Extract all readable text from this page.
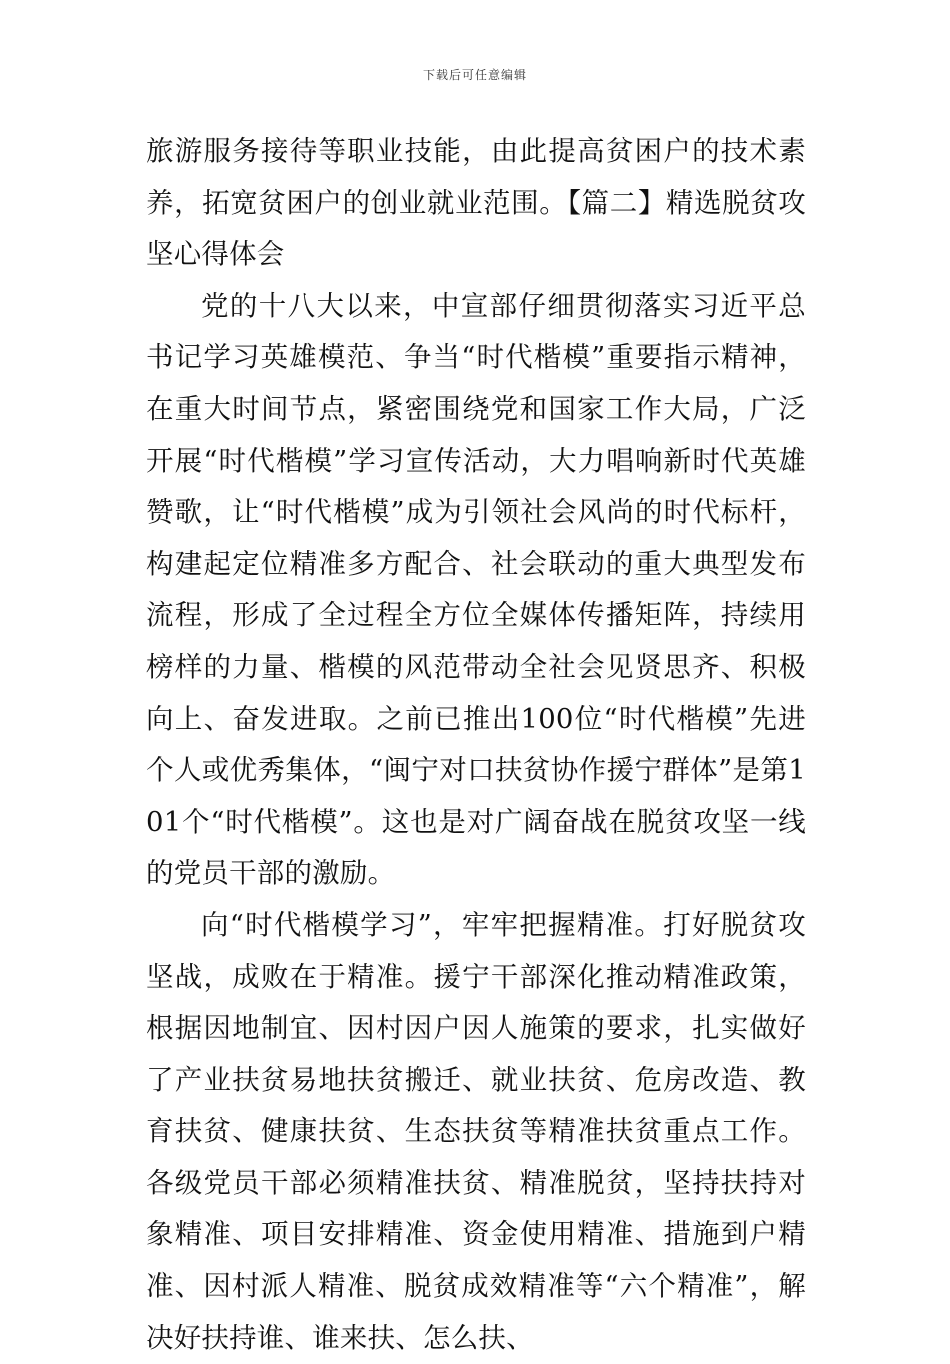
下载后可任意编辑

旅游服务接待等职业技能，由此提高贫困户的技术素养，拓宽贫困户的创业就业范围。【篇二】精选脱贫攻坚心得体会

党的十八大以来，中宣部仔细贯彻落实习近平总书记学习英雄模范、争当“时代楷模”重要指示精神，在重大时间节点，紧密围绕党和国家工作大局，广泛开展“时代楷模”学习宣传活动，大力唱响新时代英雄赞歌，让“时代楷模”成为引领社会风尚的时代标杆，构建起定位精准多方配合、社会联动的重大典型发布流程，形成了全过程全方位全媒体传播矩阵，持续用榜样的力量、楷模的风范带动全社会见贤思齐、积极向上、奋发进取。之前已推出100位“时代楷模”先进个人或优秀集体，“闽宁对口扶贫协作援宁群体”是第101个“时代楷模”。这也是对广阔奋战在脱贫攻坚一线的党员干部的激励。

向“时代楷模学习”，牢牢把握精准。打好脱贫攻坚战，成败在于精准。援宁干部深化推动精准政策，根据因地制宜、因村因户因人施策的要求，扎实做好了产业扶贫易地扶贫搬迁、就业扶贫、危房改造、教育扶贫、健康扶贫、生态扶贫等精准扶贫重点工作。各级党员干部必须精准扶贫、精准脱贫，坚持扶持对象精准、项目安排精准、资金使用精准、措施到户精准、因村派人精准、脱贫成效精准等“六个精准”，解决好扶持谁、谁来扶、怎么扶、
